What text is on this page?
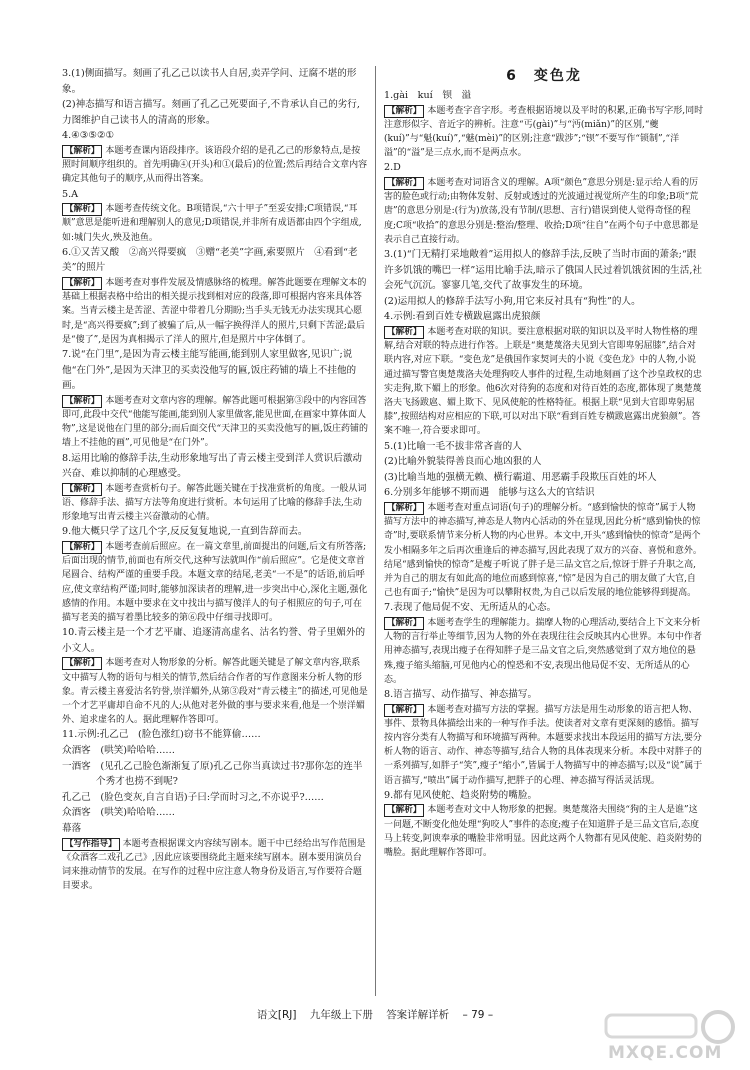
3.(1)侧面描写。刻画了孔乙己以读书人自居,卖弄学问、迂腐不堪的形象。

(2)神态描写和语言描写。刻画了孔乙己死要面子,不肯承认自己的劣行,力图维护自己读书人的清高的形象。

4.④③⑤②①

【解析】 本题考查课内语段排序。该语段介绍的是孔乙己的形象特点,是按照时间顺序组织的。首先明确④(开头)和①(最后)的位置;然后再结合文章内容确定其他句子的顺序,从而得出答案。

5.A

【解析】 本题考查传统文化。B项错误,“六十甲子”至妥安排;C项错误,“耳顺”意思是能听进和理解别人的意见;D项错误,并非所有成语都由四个字组成,如:城门失火,殃及池鱼。

6.①又苦又酸　②高兴得要疯　③赠“老美”字画,索要照片　④看到“老美”的照片

【解析】 本题考查对事件发展及情感脉络的梳理。解答此题要在理解文本的基础上根据表格中给出的相关提示找到相对应的段落,即可根据内容来具体答案。当青云楼主是苦涩、苦涩中带着几分期盼;当手头无钱无办法实现其心愿时,是“高兴得要疯”;到了被骗了后,从一幅字换得洋人的照片,只剩下苦涩;最后是“傻了”,是因为真相揭示了洋人的照片,但是照片中字体倒了。

7.说“在门里”,是因为青云楼主能写能画,能到别人家里做客,见识广;说他“在门外”,是因为天津卫的买卖没他写的匾,饭庄药铺的墙上不挂他的画。

【解析】 本题考查对文章内容的理解。解答此题可根据第③段中的内容回答即可,此段中交代“他能写能画,能到别人家里做客,能见世面,在画家中算体面人物”,这是说他在门里的部分;而后面交代“天津卫的买卖没他写的匾,饭庄药铺的墙上不挂他的画”,可见他是“在门外”。

8.运用比喻的修辞手法,生动形象地写出了青云楼主受到洋人赏识后激动兴奋、难以抑制的心理感受。

【解析】 本题考查赏析句子。解答此题关键在于找准赏析的角度。一般从词语、修辞手法、描写方法等角度进行赏析。本句运用了比喻的修辞手法,生动形象地写出青云楼主兴奋激动的心情。

9.他大概只学了这几个字,反反复复地说,一直到告辞而去。

【解析】 本题考查前后照应。在一篇文章里,前面提出的问题,后文有所答落;后面出现的情节,前面也有所交代,这种写法就叫作“前后照应”。它是使文章首尾圆合、结构严谨的重要手段。本题文章的结尾,老美“一不是”的话语,前后呼应,使文章结构严谨;同时,能够加深读者的理解,进一步突出中心,深化主题,强化感情的作用。本题中要求在文中找出与描写傻洋人的句子相照应的句子,可在描写老美的描写着墨比较多的第⑥段中仔细寻找即可。

10.青云楼主是一个才艺平庸、追逐清高虚名、沽名钓誉、骨子里媚外的小文人。

【解析】 本题考查对人物形象的分析。解答此题关键是了解文章内容,联系文中描写人物的语句与相关的情节,然后结合作者的写作意图来分析人物的形象。青云楼主喜爱沽名钓誉,崇洋媚外,从第③段对“青云楼主”的描述,可见他是一个才艺平庸却自命不凡的人;从他对老外做的事与要求来看,他是一个崇洋媚外、追求虚名的人。据此理解作答即可。

11.示例:孔乙己　(脸色涨红)窃书不能算偷……

众酒客　(哄笑)哈哈哈……

一酒客　(见孔乙己脸色渐渐复了原)孔乙己你当真读过书?那你怎的连半个秀才也捞不到呢?

孔乙己　(脸色变灰,自言自语)子曰:学而时习之,不亦说乎?……

众酒客　(哄笑)哈哈哈……

幕落

【写作指导】 本题考查根据课文内容续写剧本。题干中已经给出写作范围是《众酒客二戏孔乙己》,因此应该要围绕此主题来续写剧本。剧本要用演员台词来推动情节的发展。在写作的过程中应注意人物身份及语言,写作要符合题目要求。

6　变色龙

1.gài　kuí　钡　溢

【解析】 本题考查字音字形。考查根据语境以及平时的积累,正确书写字形,同时注意形似字、音近字的辨析。注意“丐(gài)”与“沔(miǎn)”的区别,“夔(kuí)”与“魁(kuí)”,“魅(mèi)”的区别;注意“跋涉”;“钡”不要写作“锁制”,“洋溢”的“溢”是三点水,而不是两点水。

2.D

【解析】 本题考查对词语含义的理解。A项“颜色”意思分别是:显示给人看的厉害的脸色或行动;由物体发射、反射或透过的光波通过视觉所产生的印象;B项“荒唐”的意思分别是:(行为)放荡,没有节制/(思想、言行)错误到使人觉得奇怪的程度;C项“收拾”的意思分别是:整治/整理、收拾;D项“往自”在两个句子中意思都是表示自己直接行动。

3.(1)“门无精打采地敞着”运用拟人的修辞手法,反映了当时市面的萧条;“跟许多饥饿的嘴巴一样”运用比喻手法,暗示了俄国人民过着饥饿贫困的生活,社会死气沉沉。寥寥几笔,交代了故事发生的环境。

(2)运用拟人的修辞手法写小狗,用它来反衬具有“狗性”的人。

4.示例:看到百姓专横跋扈露出虎狼颜

【解析】 本题考查对联的知识。要注意根据对联的知识以及平时人物性格的理解,结合对联的特点进行作答。上联是“奥楚蔑洛夫见到大官即卑躬屈膝”,结合对联内容,对应下联。“变色龙”是俄国作家契诃夫的小说《变色龙》中的人物,小说通过描写警官奥楚蔑洛夫处理狗咬人事件的过程,生动地刻画了这个沙皇政权的忠实走狗,欺下媚上的形象。他6次对待狗的态度和对待百姓的态度,都体现了奥楚蔑洛夫飞扬跋扈、媚上欺下、见风使舵的性格特征。根据上联“见到大官即卑躬屈膝”,按照结构对应相应的下联,可以对出下联“看到百姓专横跋扈露出虎狼颜”。答案不唯一,符合要求即可。

5.(1)比喻一毛不拔非常吝啬的人

(2)比喻外貌装得善良而心地凶狠的人

(3)比喻当地的强横无赖、横行霸道、用恶霸手段欺压百姓的坏人

6.分别多年能够不期而遇　能够与这么大的官结识

【解析】 本题考查对重点词语(句子)的理解分析。“感到愉快的惊奇”属于人物描写方法中的神态描写,神态是人物内心活动的外在显现,因此分析“感到愉快的惊奇”时,要联系情节来分析人物的内心世界。本文中,开头“感到愉快的惊奇”是两个发小相隔多年之后再次重逢后的神态描写,因此表现了双方的兴奋、喜悦和意外。结尾“感到愉快的惊奇”是瘦子听说了胖子是三品文官之后,惊讶于胖子升职之高,并为自己的朋友有如此高的地位而感到惊喜,“惊”是因为自己的朋友做了大官,自己也有面子;“愉快”是因为可以攀附权贵,为自己以后发展的地位能够得到提高。

7.表现了他局促不安、无所适从的心态。

【解析】 本题考查学生的理解能力。揣摩人物的心理活动,要结合上下文来分析人物的言行举止等细节,因为人物的外在表现往往会反映其内心世界。本句中作者用神态描写,表现出瘦子在得知胖子是三品文官之后,突然感觉到了双方地位的悬殊,瘦子缩头缩脑,可见他内心的惶恐和不安,表现出他局促不安、无所适从的心态。

8.语言描写、动作描写、神态描写。

【解析】 本题考查对描写方法的掌握。描写方法是用生动形象的语言把人物、事件、景物具体描绘出来的一种写作手法。使读者对文章有更深刻的感悟。描写按内容分类有人物描写和环境描写两种。本题要求找出本段运用的描写方法,要分析人物的语言、动作、神态等描写,结合人物的具体表现来分析。本段中对胖子的一系列描写,如胖子“笑”,瘦子“缩小”,皆属于人物描写中的神态描写;以及“说”属于语言描写,“喷出”属于动作描写,把胖子的心理、神态描写得活灵活现。

9.都有见风使舵、趋炎附势的嘴脸。

【解析】 本题考查对文中人物形象的把握。奥楚蔑洛夫围绕“狗的主人是谁”这一问题,不断变化他处理“狗咬人”事件的态度;瘦子在知道胖子是三品文官后,态度马上转变,阿谀奉承的嘴脸非常明显。因此这两个人物都有见风使舵、趋炎附势的嘴脸。据此理解作答即可。

语文[RJ] 九年级上下册 答案详解详析 – 79 –
MXQE.COM
